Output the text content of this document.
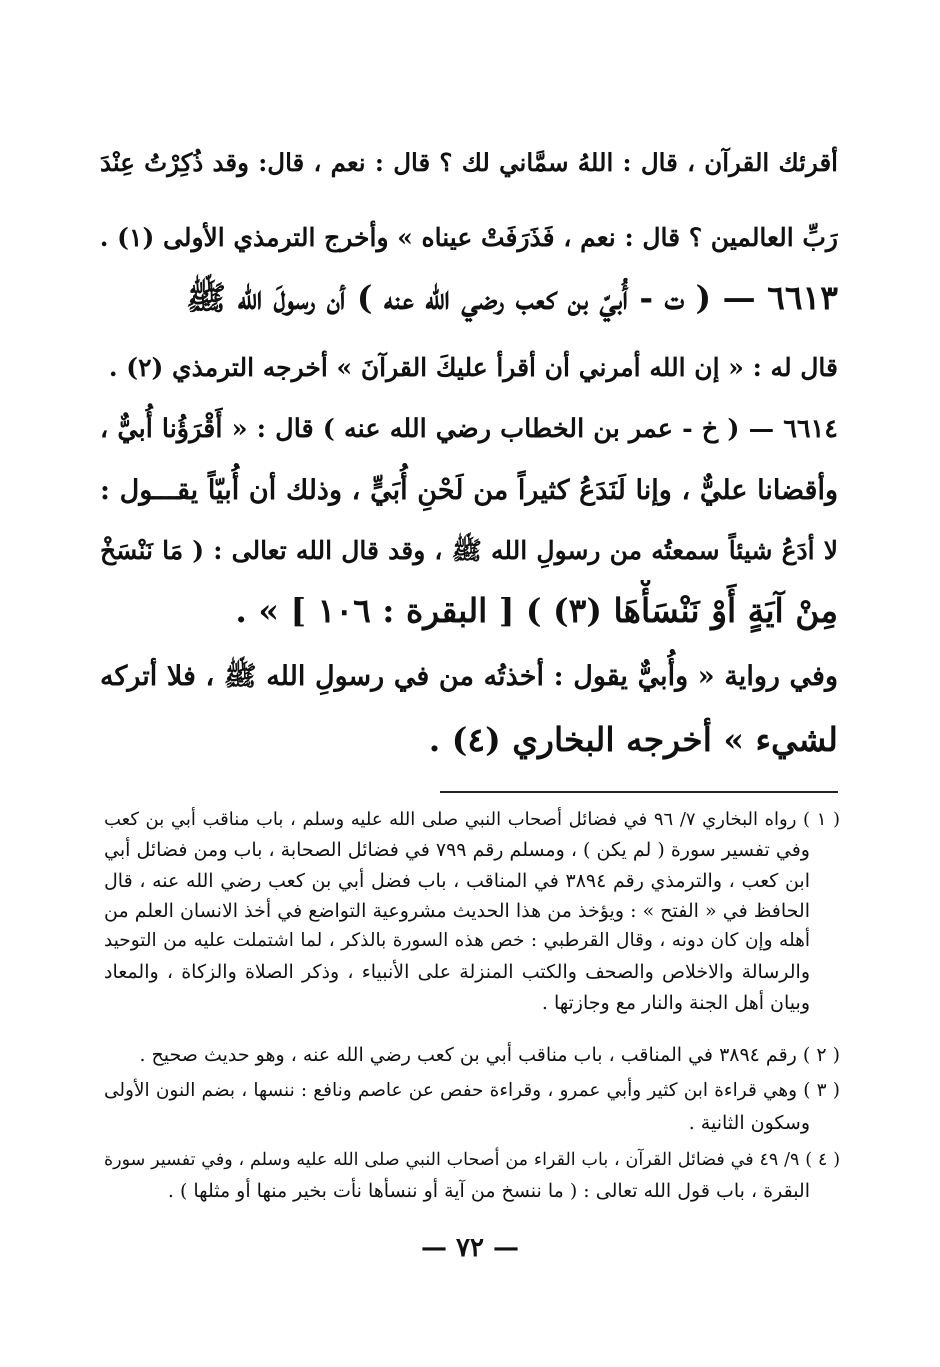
أقرئك القرآن ، قال : اللهُ سمَّاني لك ؟ قال : نعم ، قال: وقد ذُكِرْتُ عِنْدَ
رَبِّ العالمين ؟ قال : نعم ، فَذَرَفَتْ عيناه » وأخرج الترمذي الأولى (١) .
٦٦١٣ — ( ت - أُبيّ بن كعب رضي الله عنه ) أن رسولَ الله ﷺ
قال له : « إن الله أمرني أن أقرأ عليكَ القرآنَ » أخرجه الترمذي (٢) .
٦٦١٤ — ( خ - عمر بن الخطاب رضي الله عنه ) قال : « أَقْرَؤُنا أُبيٌّ ،
وأقضانا عليٌّ ، وإنا لَنَدَعُ كثيراً من لَحْنِ أُبَيٍّ ، وذلك أن أُبيّاً يقـــول :
لا أدَعُ شيئاً سمعتُه من رسولِ الله ﷺ ، وقد قال الله تعالى : ( مَا نَنْسَخْ
مِنْ آيَةٍ أَوْ نَنْسَأْهَا (٣) ) [ البقرة : ١٠٦ ] » .
وفي رواية « وأُبيٌّ يقول : أخذتُه من في رسولِ الله ﷺ ، فلا أتركه
لشيء » أخرجه البخاري (٤) .
( ١ ) رواه البخاري ٧/ ٩٦ في فضائل أصحاب النبي صلى الله عليه وسلم ، باب مناقب أبي بن كعب
وفي تفسير سورة ( لم يكن ) ، ومسلم رقم ٧٩٩ في فضائل الصحابة ، باب ومن فضائل أبي
ابن كعب ، والترمذي رقم ٣٨٩٤ في المناقب ، باب فضل أبي بن كعب رضي الله عنه ، قال
الحافظ في « الفتح » : ويؤخذ من هذا الحديث مشروعية التواضع في أخذ الانسان العلم من
أهله وإن كان دونه ، وقال القرطبي : خص هذه السورة بالذكر ، لما اشتملت عليه من التوحيد
والرسالة والاخلاص والصحف والكتب المنزلة على الأنبياء ، وذكر الصلاة والزكاة ، والمعاد
وبيان أهل الجنة والنار مع وجازتها .
( ٢ ) رقم ٣٨٩٤ في المناقب ، باب مناقب أبي بن كعب رضي الله عنه ، وهو حديث صحيح .
( ٣ ) وهي قراءة ابن كثير وأبي عمرو ، وقراءة حفص عن عاصم ونافع : ننسها ، بضم النون الأولى
وسكون الثانية .
( ٤ ) ٩/ ٤٩ في فضائل القرآن ، باب القراء من أصحاب النبي صلى الله عليه وسلم ، وفي تفسير سورة
البقرة ، باب قول الله تعالى : ( ما ننسخ من آية أو ننسأها نأت بخير منها أو مثلها ) .
— ٧٢ —
